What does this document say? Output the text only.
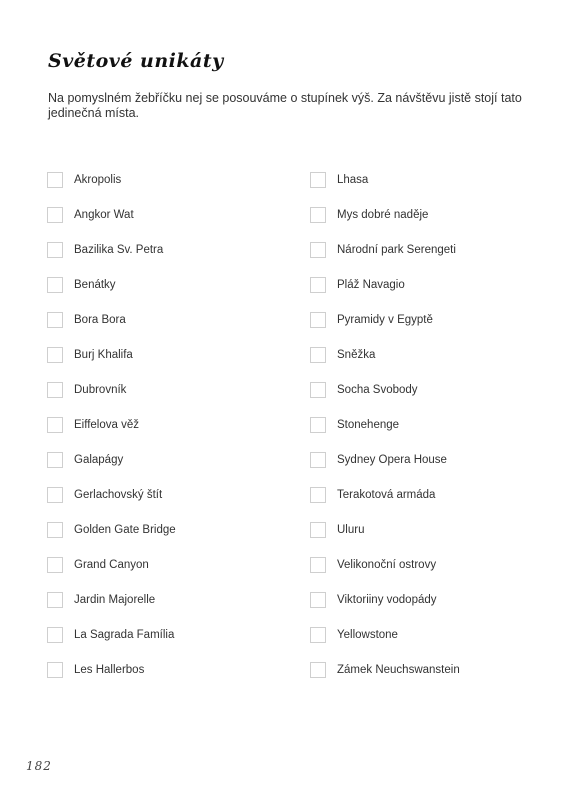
Světové unikáty
Na pomyslném žebříčku nej se posouváme o stupínek výš. Za návštěvu jistě stojí tato jedinečná místa.
Akropolis
Angkor Wat
Bazilika Sv. Petra
Benátky
Bora Bora
Burj Khalifa
Dubrovník
Eiffelova věž
Galapágy
Gerlachovský štít
Golden Gate Bridge
Grand Canyon
Jardin Majorelle
La Sagrada Família
Les Hallerbos
Lhasa
Mys dobré naděje
Národní park Serengeti
Pláž Navagio
Pyramidy v Egyptě
Sněžka
Socha Svobody
Stonehenge
Sydney Opera House
Terakotová armáda
Uluru
Velikonoční ostrovy
Viktoriiny vodopády
Yellowstone
Zámek Neuchswanstein
182
